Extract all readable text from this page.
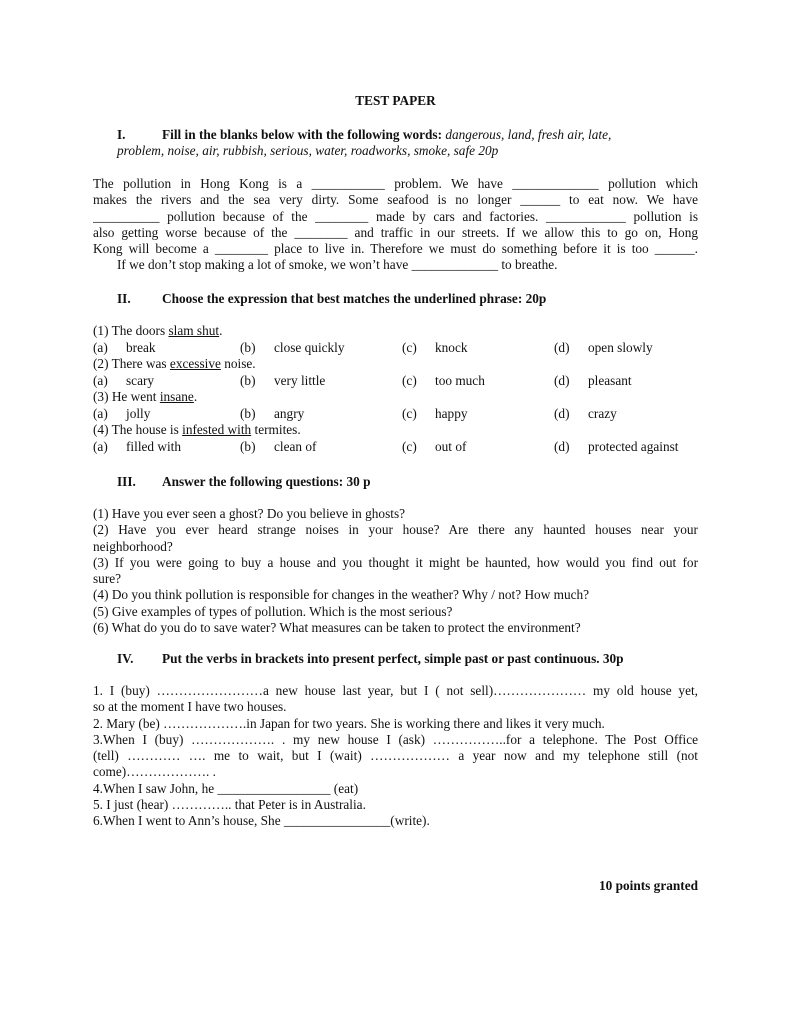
TEST PAPER
I.	Fill in the blanks below with the following words: dangerous, land, fresh air, late,
problem, noise, air, rubbish, serious, water, roadworks, smoke, safe 20p
The pollution in Hong Kong is a ___________ problem. We have _____________ pollution which
makes the rivers and the sea very dirty. Some seafood is no longer ______ to eat now. We have
__________ pollution because of the ________ made by cars and factories. ____________ pollution is
also getting worse because of the ________ and traffic in our streets. If we allow this to go on, Hong
Kong will become a ________ place to live in. Therefore we must do something before it is too ______.
If we don’t stop making a lot of smoke, we won’t have _____________ to breathe.
II. Choose the expression that best matches the underlined phrase: 20p
(1) The doors slam shut.
(a) break	(b) close quickly	(c) knock	(d) open slowly
(2) There was excessive noise.
(a) scary	(b) very little	(c) too much	(d) pleasant
(3) He went insane.
(a) jolly	(b) angry	(c) happy	(d) crazy
(4) The house is infested with termites.
(a) filled with	(b) clean of	(c) out of	(d) protected against
III. Answer the following questions: 30 p
(1) Have you ever seen a ghost? Do you believe in ghosts?
(2) Have you ever heard strange noises in your house? Are there any haunted houses near your
neighborhood?
(3) If you were going to buy a house and you thought it might be haunted, how would you find out for
sure?
(4) Do you think pollution is responsible for changes in the weather? Why / not? How much?
(5) Give examples of types of pollution. Which is the most serious?
(6) What do you do to save water? What measures can be taken to protect the environment?
IV. Put the verbs in brackets into present perfect, simple past or past continuous. 30p
1. I (buy) ……………………a new house last year, but I ( not sell)………………… my old house yet,
so at the moment I have two houses.
2. Mary (be) ……………….in Japan for two years. She is working there and likes it very much.
3.When I (buy) ………………. . my new house I (ask) ……………..for a telephone. The Post Office
(tell) ………… …. me to wait, but I (wait) ……………… a year now and my telephone still (not
come)………………. .
4.When I saw John, he _________________ (eat)
5. I just (hear) ………….. that Peter is in Australia.
6.When I went to Ann’s house, She ________________(write).
10 points granted
